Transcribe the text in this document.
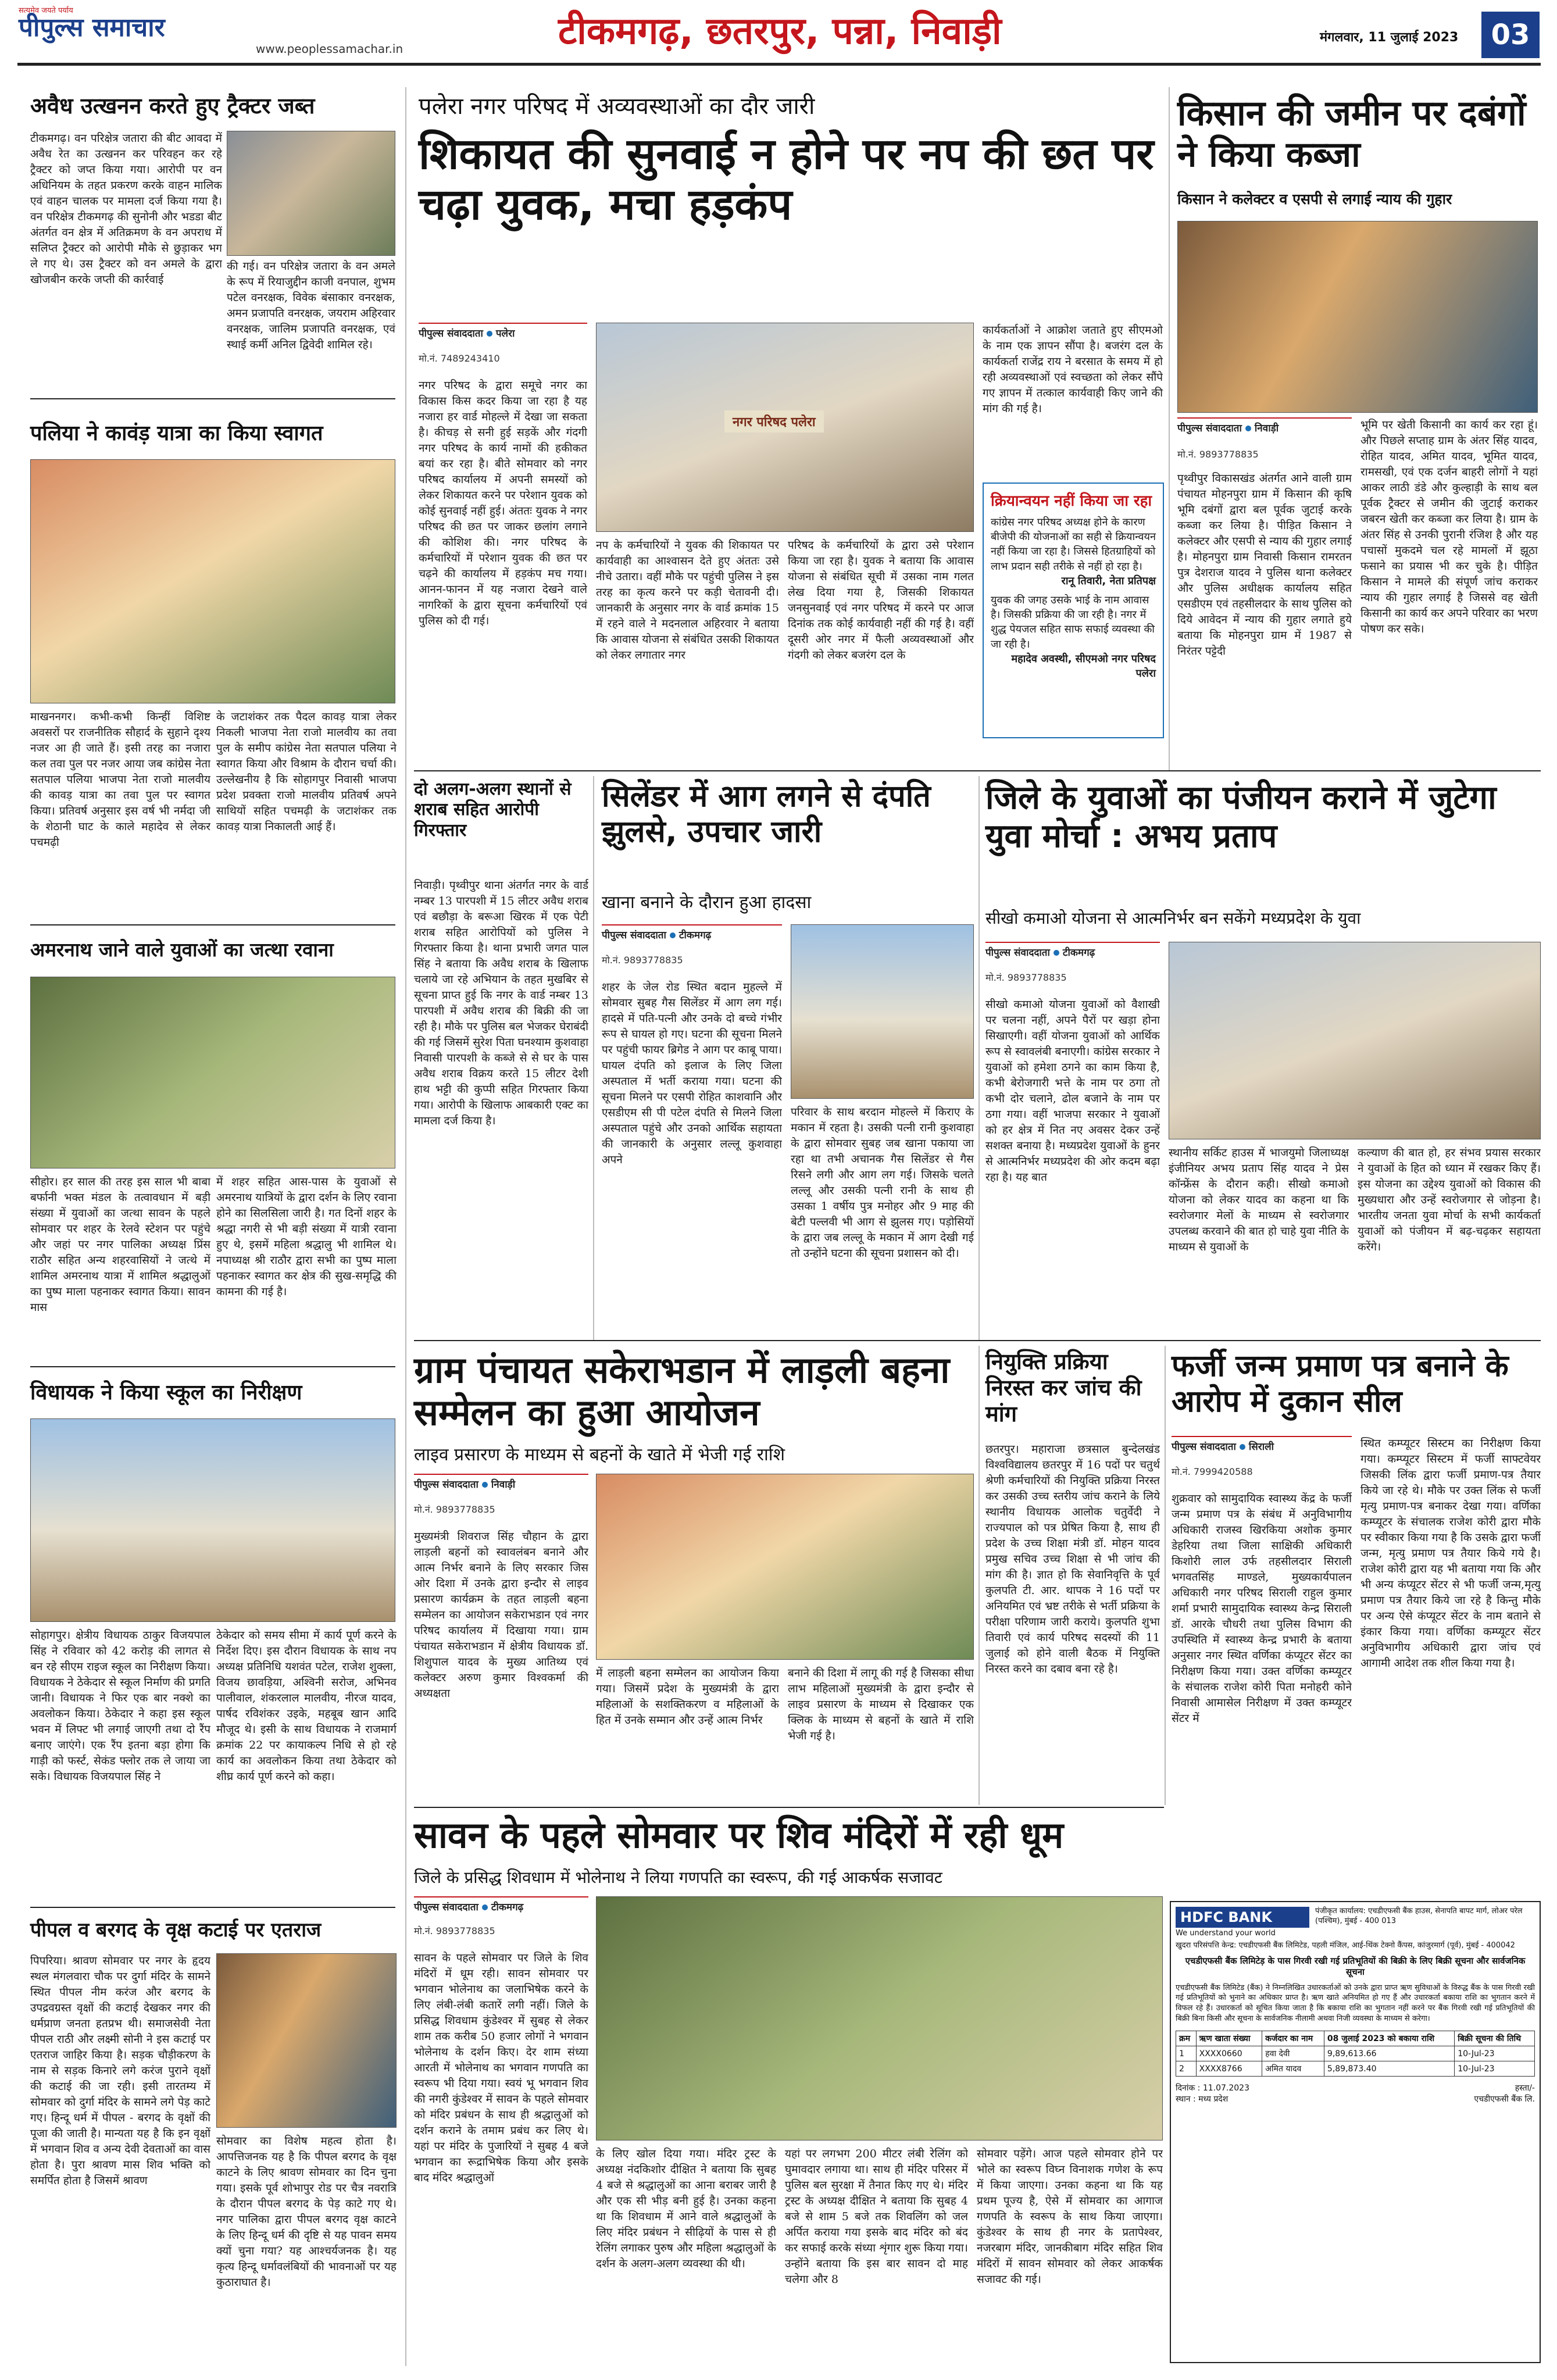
सत्यमेव जयते पर्याय
पीपुल्स समाचार
www.peoplessamachar.in	टीकमगढ़, छतरपुर, पन्ना, निवाड़ी	मंगलवार, 11 जुलाई 2023	03
अवैध उत्खनन करते हुए ट्रैक्टर जब्त
टीकमगढ़। वन परिक्षेत्र जतारा की बीट आवदा में अवैध रेत का उत्खनन कर परिवहन कर रहे ट्रैक्टर को जप्त किया गया। आरोपी पर वन अधिनियम के तहत प्रकरण करके वाहन मालिक एवं वाहन चालक पर मामला दर्ज किया गया है। वन परिक्षेत्र टीकमगढ़ की सुनोनी और भडडा बीट अंतर्गत वन क्षेत्र में अतिक्रमण के वन अपराध में सलिप्त ट्रैक्टर को आरोपी मौके से छुड़ाकर भग ले गए थे। उस ट्रैक्टर को वन अमले के द्वारा खोजबीन करके जप्ती की कार्रवाई
की गई। वन परिक्षेत्र जतारा के वन अमले के रूप में रियाजुद्दीन काजी वनपाल, शुभम पटेल वनरक्षक, विवेक बंसाकार वनरक्षक, अमन प्रजापति वनरक्षक, जयराम अहिरवार वनरक्षक, जालिम प्रजापति वनरक्षक, एवं स्थाई कर्मी अनिल द्विवेदी शामिल रहे।
पलिया ने कावंड़ यात्रा का किया स्वागत
माखननगर। कभी-कभी किन्हीं विशिष्ट अवसरों पर राजनीतिक सौहार्द के सुहाने दृश्य नजर आ ही जाते हैं। इसी तरह का नजारा कल तवा पुल पर नजर आया जब कांग्रेस नेता सतपाल पलिया भाजपा नेता राजो मालवीय की कावड़ यात्रा का तवा पुल पर स्वागत किया। प्रतिवर्ष अनुसार इस वर्ष भी नर्मदा जी के शेठानी घाट के काले महादेव से लेकर पचमढ़ी
के जटाशंकर तक पैदल कावड़ यात्रा लेकर निकली भाजपा नेता राजो मालवीय का तवा पुल के समीप कांग्रेस नेता सतपाल पलिया ने स्वागत किया और विश्राम के दौरान चर्चा की। उल्लेखनीय है कि सोहागपुर निवासी भाजपा प्रदेश प्रवक्ता राजो मालवीय प्रतिवर्ष अपने साथियों सहित पचमढ़ी के जटाशंकर तक कावड़ यात्रा निकालती आई हैं।
अमरनाथ जाने वाले युवाओं का जत्था रवाना
सीहोर। हर साल की तरह इस साल भी बाबा बर्फानी भक्त मंडल के तत्वावधान में बड़ी संख्या में युवाओं का जत्था सावन के पहले सोमवार पर शहर के रेलवे स्टेशन पर पहुंचे और जहां पर नगर पालिका अध्यक्ष प्रिंस राठौर सहित अन्य शहरवासियों ने जत्थे में शामिल अमरनाथ यात्रा में शामिल श्रद्धालुओं का पुष्प माला पहनाकर स्वागत किया। सावन मास
में शहर सहित आस-पास के युवाओं से अमरनाथ यात्रियों के द्वारा दर्शन के लिए रवाना होने का सिलसिला जारी है। गत दिनों शहर के श्रद्धा नगरी से भी बड़ी संख्या में यात्री रवाना हुए थे, इसमें महिला श्रद्धालु भी शामिल थे। नपाध्यक्ष श्री राठौर द्वारा सभी का पुष्प माला पहनाकर स्वागत कर क्षेत्र की सुख-समृद्धि की कामना की गई है।
विधायक ने किया स्कूल का निरीक्षण
सोहागपुर। क्षेत्रीय विधायक ठाकुर विजयपाल सिंह ने रविवार को 42 करोड़ की लागत से बन रहे सीएम राइज स्कूल का निरीक्षण किया। विधायक ने ठेकेदार से स्कूल निर्माण की प्रगति जानी। विधायक ने फिर एक बार नक्शे का अवलोकन किया। ठेकेदार ने कहा इस स्कूल भवन में लिफ्ट भी लगाई जाएगी तथा दो रैंप बनाए जाएंगे। एक रैंप इतना बड़ा होगा कि गाड़ी को फर्स्ट, सेकंड फ्लोर तक ले जाया जा सके। विधायक विजयपाल सिंह ने
ठेकेदार को समय सीमा में कार्य पूर्ण करने के निर्देश दिए। इस दौरान विधायक के साथ नप अध्यक्ष प्रतिनिधि यशवंत पटेल, राजेश शुक्ला, विजय छावड़िया, अश्विनी सरोज, अभिनव पालीवाल, शंकरलाल मालवीय, नीरज यादव, पार्षद रविशंकर उइके, महबूब खान आदि मौजूद थे। इसी के साथ विधायक ने राजमार्ग क्रमांक 22 पर कायाकल्प निधि से हो रहे कार्य का अवलोकन किया तथा ठेकेदार को शीघ्र कार्य पूर्ण करने को कहा।
पीपल व बरगद के वृक्ष कटाई पर एतराज
पिपरिया। श्रावण सोमवार पर नगर के हृदय स्थल मंगलवारा चौक पर दुर्गा मंदिर के सामने स्थित पीपल नीम करंज और बरगद के उपद्रवग्रस्त वृक्षों की कटाई देखकर नगर की धर्मप्राण जनता हतप्रभ थी। समाजसेवी नेता पीपल राठी और लक्ष्मी सोनी ने इस कटाई पर एतराज जाहिर किया है। सड़क चौड़ीकरण के नाम से सड़क किनारे लगे करंज पुराने वृक्षों की कटाई की जा रही। इसी तारतम्य में सोमवार को दुर्गा मंदिर के सामने लगे पेड़ काटे गए। हिन्दू धर्म में पीपल - बरगद के वृक्षों की पूजा की जाती है। मान्यता यह है कि इन वृक्षों में भगवान शिव व अन्य देवी देवताओं का वास होता है। पुरा श्रावण मास शिव भक्ति को समर्पित होता है जिसमें श्रावण
सोमवार का विशेष महत्व होता है। आपत्तिजनक यह है कि पीपल बरगद के वृक्ष काटने के लिए श्रावण सोमवार का दिन चुना गया। इसके पूर्व शोभापुर रोड पर चैत्र नवरात्रि के दौरान पीपल बरगद के पेड़ काटे गए थे। नगर पालिका द्वारा पीपल बरगद वृक्ष काटने के लिए हिन्दू धर्म की दृष्टि से यह पावन समय क्यों चुना गया? यह आश्चर्यजनक है। यह कृत्य हिन्दू धर्मावलंबियों की भावनाओं पर यह कुठाराघात है।
पलेरा नगर परिषद में अव्यवस्थाओं का दौर जारी
शिकायत की सुनवाई न होने पर नप की छत पर चढ़ा युवक, मचा हड़कंप
पीपुल्स संवाददाता पलेरा
मो.नं. 7489243410
नगर परिषद के द्वारा समूचे नगर का विकास किस कदर किया जा रहा है यह नजारा हर वार्ड मोहल्ले में देखा जा सकता है। कीचड़ से सनी हुई सड़कें और गंदगी नगर परिषद के कार्य नामों की हकीकत बयां कर रहा है। बीते सोमवार को नगर परिषद कार्यालय में अपनी समस्यों को लेकर शिकायत करने पर परेशान युवक को कोई सुनवाई नहीं हुई। अंततः युवक ने नगर परिषद की छत पर जाकर छलांग लगाने की कोशिश की। नगर परिषद के कर्मचारियों में परेशान युवक की छत पर चढ़ने की कार्यालय में हड़कंप मच गया। आनन-फानन में यह नजारा देखने वाले नागरिकों के द्वारा सूचना कर्मचारियों एवं पुलिस को दी गई।
नगर परिषद पलेरा
नप के कर्मचारियों ने युवक की शिकायत पर कार्यवाही का आश्वासन देते हुए अंततः उसे नीचे उतारा। वहीं मौके पर पहुंची पुलिस ने इस तरह का कृत्य करने पर कड़ी चेतावनी दी। जानकारी के अनुसार नगर के वार्ड क्रमांक 15 में रहने वाले ने मदनलाल अहिरवार ने बताया कि आवास योजना से संबंधित उसकी शिकायत को लेकर लगातार नगर
परिषद के कर्मचारियों के द्वारा उसे परेशान किया जा रहा है। युवक ने बताया कि आवास योजना से संबंधित सूची में उसका नाम गलत लेख दिया गया है, जिसकी शिकायत जनसुनवाई एवं नगर परिषद में करने पर आज दिनांक तक कोई कार्यवाही नहीं की गई है। वहीं दूसरी ओर नगर में फैली अव्यवस्थाओं और गंदगी को लेकर बजरंग दल के
कार्यकर्ताओं ने आक्रोश जताते हुए सीएमओ के नाम एक ज्ञापन सौंपा है। बजरंग दल के कार्यकर्ता राजेंद्र राय ने बरसात के समय में हो रही अव्यवस्थाओं एवं स्वच्छता को लेकर सौंपे गए ज्ञापन में तत्काल कार्यवाही किए जाने की मांग की गई है।
क्रियान्वयन नहीं किया जा रहा
कांग्रेस नगर परिषद अध्यक्ष होने के कारण बीजेपी की योजनाओं का सही से क्रियान्वयन नहीं किया जा रहा है। जिससे हितग्राहियों को लाभ प्रदान सही तरीके से नहीं हो रहा है।
रानू तिवारी, नेता प्रतिपक्ष
युवक की जगह उसके भाई के नाम आवास है। जिसकी प्रक्रिया की जा रही है। नगर में शुद्ध पेयजल सहित साफ सफाई व्यवस्था की जा रही है।
महादेव अवस्थी, सीएमओ नगर परिषद पलेरा
किसान की जमीन पर दबंगों ने किया कब्जा
किसान ने कलेक्टर व एसपी से लगाई न्याय की गुहार
पीपुल्स संवाददाता निवाड़ी
मो.नं. 9893778835
पृथ्वीपुर विकासखंड अंतर्गत आने वाली ग्राम पंचायत मोहनपुरा ग्राम में किसान की कृषि भूमि दबंगों द्वारा बल पूर्वक जुटाई करके कब्जा कर लिया है। पीड़ित किसान ने कलेक्टर और एसपी से न्याय की गुहार लगाई है। मोहनपुरा ग्राम निवासी किसान रामरतन पुत्र देशराज यादव ने पुलिस थाना कलेक्टर और पुलिस अधीक्षक कार्यालय सहित एसडीएम एवं तहसीलदार के साथ पुलिस को दिये आवेदन में न्याय की गुहार लगाते हुये बताया कि मोहनपुरा ग्राम में 1987 से निरंतर पट्टेदी
भूमि पर खेती किसानी का कार्य कर रहा हूं। और पिछले सप्ताह ग्राम के अंतर सिंह यादव, रोहित यादव, अमित यादव, भूमित यादव, रामसखी, एवं एक दर्जन बाहरी लोगों ने यहां आकर लाठी डंडे और कुल्हाड़ी के साथ बल पूर्वक ट्रैक्टर से जमीन की जुटाई कराकर जबरन खेती कर कब्जा कर लिया है। ग्राम के अंतर सिंह से उनकी पुरानी रंजिश है और यह पचासों मुकदमे चल रहे मामलों में झूठा फसाने का प्रयास भी कर चुके है। पीड़ित किसान ने मामले की संपूर्ण जांच कराकर न्याय की गुहार लगाई है जिससे वह खेती किसानी का कार्य कर अपने परिवार का भरण पोषण कर सके।
दो अलग-अलग स्थानों से शराब सहित आरोपी गिरफ्तार
निवाड़ी। पृथ्वीपुर थाना अंतर्गत नगर के वार्ड नम्बर 13 पारपशी में 15 लीटर अवैध शराब एवं बछौड़ा के बरूआ खिरक में एक पेटी शराब सहित आरोपियों को पुलिस ने गिरफ्तार किया है। थाना प्रभारी जगत पाल सिंह ने बताया कि अवैध शराब के खिलाफ चलाये जा रहे अभियान के तहत मुखबिर से सूचना प्राप्त हुई कि नगर के वार्ड नम्बर 13 पारपशी में अवैध शराब की बिक्री की जा रही है। मौके पर पुलिस बल भेजकर घेराबंदी की गई जिसमें सुरेश पिता घनश्याम कुशवाहा निवासी पारपशी के कब्जे से से घर के पास अवैध शराब विक्रय करते 15 लीटर देशी हाथ भट्टी की कुप्पी सहित गिरफ्तार किया गया। आरोपी के खिलाफ आबकारी एक्ट का मामला दर्ज किया है।
सिलेंडर में आग लगने से दंपति झुलसे, उपचार जारी
खाना बनाने के दौरान हुआ हादसा
पीपुल्स संवाददाता टीकमगढ़
मो.नं. 9893778835
शहर के जेल रोड स्थित बदान मुहल्ले में सोमवार सुबह गैस सिलेंडर में आग लग गई। हादसे में पति-पत्नी और उनके दो बच्चे गंभीर रूप से घायल हो गए। घटना की सूचना मिलने पर पहुंची फायर ब्रिगेड ने आग पर काबू पाया। घायल दंपति को इलाज के लिए जिला अस्पताल में भर्ती कराया गया। घटना की सूचना मिलने पर एसपी रोहित काशवानि और एसडीएम सी पी पटेल दंपति से मिलने जिला अस्पताल पहुंचे और उनको आर्थिक सहायता की जानकारी के अनुसार लल्लू कुशवाहा अपने
परिवार के साथ बरदान मोहल्ले में किराए के मकान में रहता है। उसकी पत्नी रानी कुशवाहा के द्वारा सोमवार सुबह जब खाना पकाया जा रहा था तभी अचानक गैस सिलेंडर से गैस रिसने लगी और आग लग गई। जिसके चलते लल्लू और उसकी पत्नी रानी के साथ ही उसका 1 वर्षीय पुत्र मनोहर और 9 माह की बेटी पल्लवी भी आग से झुलस गए। पड़ोसियों के द्वारा जब लल्लू के मकान में आग देखी गई तो उन्होंने घटना की सूचना प्रशासन को दी।
जिले के युवाओं का पंजीयन कराने में जुटेगा युवा मोर्चा : अभय प्रताप
सीखो कमाओ योजना से आत्मनिर्भर बन सकेंगे मध्यप्रदेश के युवा
पीपुल्स संवाददाता टीकमगढ़
मो.नं. 9893778835
सीखो कमाओ योजना युवाओं को वैशाखी पर चलना नहीं, अपने पैरों पर खड़ा होना सिखाएगी। वहीं योजना युवाओं को आर्थिक रूप से स्वावलंबी बनाएगी। कांग्रेस सरकार ने युवाओं को हमेशा ठगने का काम किया है, कभी बेरोजगारी भत्ते के नाम पर ठगा तो कभी दोर चलाने, ढोल बजाने के नाम पर ठगा गया। वहीं भाजपा सरकार ने युवाओं को हर क्षेत्र में नित नए अवसर देकर उन्हें सशक्त बनाया है। मध्यप्रदेश युवाओं के हुनर से आत्मनिर्भर मध्यप्रदेश की ओर कदम बढ़ा रहा है। यह बात
स्थानीय सर्किट हाउस में भाजयुमो जिलाध्यक्ष इंजीनियर अभय प्रताप सिंह यादव ने प्रेस कॉन्फ्रेंस के दौरान कही। सीखो कमाओ योजना को लेकर यादव का कहना था कि स्वरोजगार मेलों के माध्यम से स्वरोजगार उपलब्ध करवाने की बात हो चाहे युवा नीति के माध्यम से युवाओं के
कल्याण की बात हो, हर संभव प्रयास सरकार ने युवाओं के हित को ध्यान में रखकर किए हैं। इस योजना का उद्देश्य युवाओं को विकास की मुख्यधारा और उन्हें स्वरोजगार से जोड़ना है। भारतीय जनता युवा मोर्चा के सभी कार्यकर्ता युवाओं को पंजीयन में बढ़-चढ़कर सहायता करेंगे।
ग्राम पंचायत सकेराभडान में लाड़ली बहना सम्मेलन का हुआ आयोजन
लाइव प्रसारण के माध्यम से बहनों के खाते में भेजी गई राशि
पीपुल्स संवाददाता निवाड़ी
मो.नं. 9893778835
मुख्यमंत्री शिवराज सिंह चौहान के द्वारा लाड़ली बहनों को स्वावलंबन बनाने और आत्म निर्भर बनाने के लिए सरकार जिस ओर दिशा में उनके द्वारा इन्दौर से लाइव प्रसारण कार्यक्रम के तहत लाड़ली बहना सम्मेलन का आयोजन सकेराभडान एवं नगर परिषद कार्यालय में दिखाया गया। ग्राम पंचायत सकेराभडान में क्षेत्रीय विधायक डॉ. शिशुपाल यादव के मुख्य आतिथ्य एवं कलेक्टर अरुण कुमार विश्वकर्मा की अध्यक्षता
में लाड़ली बहना सम्मेलन का आयोजन किया गया। जिसमें प्रदेश के मुख्यमंत्री के द्वारा महिलाओं के सशक्तिकरण व महिलाओं के हित में उनके सम्मान और उन्हें आत्म निर्भर
बनाने की दिशा में लागू की गई है जिसका सीधा लाभ महिलाओं मुख्यमंत्री के द्वारा इन्दौर से लाइव प्रसारण के माध्यम से दिखाकर एक क्लिक के माध्यम से बहनों के खाते में राशि भेजी गई है।
नियुक्ति प्रक्रिया निरस्त कर जांच की मांग
छतरपुर। महाराजा छत्रसाल बुन्देलखंड विश्वविद्यालय छतरपुर में 16 पदों पर चतुर्थ श्रेणी कर्मचारियों की नियुक्ति प्रक्रिया निरस्त कर उसकी उच्च स्तरीय जांच कराने के लिये स्थानीय विधायक आलोक चतुर्वेदी ने राज्यपाल को पत्र प्रेषित किया है, साथ ही प्रदेश के उच्च शिक्षा मंत्री डॉ. मोहन यादव प्रमुख सचिव उच्च शिक्षा से भी जांच की मांग की है। ज्ञात हो कि सेवानिवृत्ति के पूर्व कुलपति टी. आर. थापक ने 16 पदों पर अनियमित एवं भ्रष्ट तरीके से भर्ती प्रक्रिया के परीक्षा परिणाम जारी कराये। कुलपति शुभा तिवारी एवं कार्य परिषद सदस्यों की 11 जुलाई को होने वाली बैठक में नियुक्ति निरस्त करने का दबाव बना रहे है।
फर्जी जन्म प्रमाण पत्र बनाने के आरोप में दुकान सील
पीपुल्स संवाददाता सिराली
मो.नं. 7999420588
शुक्रवार को सामुदायिक स्वास्थ्य केंद्र के फर्जी जन्म प्रमाण पत्र के संबंध में अनुविभागीय अधिकारी राजस्व खिरकिया अशोक कुमार डेहरिया तथा जिला साक्षिकी अधिकारी किशोरी लाल उर्फ तहसीलदार सिराली भगवतसिंह माण्डले, मुख्यकार्यपालन अधिकारी नगर परिषद सिराली राहुल कुमार शर्मा प्रभारी सामुदायिक स्वास्थ्य केन्द्र सिराली डॉ. आरके चौधरी तथा पुलिस विभाग की उपस्थिति में स्वास्थ्य केन्द्र प्रभारी के बताया अनुसार नगर स्थित वर्णिका कंप्यूटर सेंटर का निरीक्षण किया गया। उक्त वर्णिका कम्प्यूटर के संचालक राजेश कोरी पिता मनोहरी कोने निवासी आमासेल निरीक्षण में उक्त कम्प्यूटर सेंटर में
स्थित कम्प्यूटर सिस्टम का निरीक्षण किया गया। कम्प्यूटर सिस्टम में फर्जी साफ्टवेयर जिसकी लिंक द्वारा फर्जी प्रमाण-पत्र तैयार किये जा रहे थे। मौके पर उक्त लिंक से फर्जी मृत्यु प्रमाण-पत्र बनाकर देखा गया। वर्णिका कम्प्यूटर के संचालक राजेश कोरी द्वारा मौके पर स्वीकार किया गया है कि उसके द्वारा फर्जी जन्म, मृत्यु प्रमाण पत्र तैयार किये गये है। राजेश कोरी द्वारा यह भी बताया गया कि और भी अन्य कंप्यूटर सेंटर से भी फर्जी जन्म,मृत्यु प्रमाण पत्र तैयार किये जा रहे है किन्तु मौके पर अन्य ऐसे कंप्यूटर सेंटर के नाम बताने से इंकार किया गया। वर्णिका कम्प्यूटर सेंटर अनुविभागीय अधिकारी द्वारा जांच एवं आगामी आदेश तक शील किया गया है।
सावन के पहले सोमवार पर शिव मंदिरों में रही धूम
जिले के प्रसिद्ध शिवधाम में भोलेनाथ ने लिया गणपति का स्वरूप, की गई आकर्षक सजावट
पीपुल्स संवाददाता टीकमगढ़
मो.नं. 9893778835
सावन के पहले सोमवार पर जिले के शिव मंदिरों में धूम रही। सावन सोमवार पर भगवान भोलेनाथ का जलाभिषेक करने के लिए लंबी-लंबी कतारें लगी नहीं। जिले के प्रसिद्ध शिवधाम कुंडेश्वर में सुबह से लेकर शाम तक करीब 50 हजार लोगों ने भगवान भोलेनाथ के दर्शन किए। देर शाम संध्या आरती में भोलेनाथ का भगवान गणपति का स्वरूप भी दिया गया। स्वयं भू भगवान शिव की नगरी कुंडेश्वर में सावन के पहले सोमवार को मंदिर प्रबंधन के साथ ही श्रद्धालुओं को दर्शन कराने के तमाम प्रबंध कर लिए थे। यहां पर मंदिर के पुजारियों ने सुबह 4 बजे भगवान का रूद्राभिषेक किया और इसके बाद मंदिर श्रद्धालुओं
के लिए खोल दिया गया। मंदिर ट्रस्ट के अध्यक्ष नंदकिशोर दीक्षित ने बताया कि सुबह 4 बजे से श्रद्धालुओं का आना बराबर जारी है और एक सी भीड़ बनी हुई है। उनका कहना था कि शिवधाम में आने वाले श्रद्धालुओं के लिए मंदिर प्रबंधन ने सीढ़ियों के पास से ही रेलिंग लगाकर पुरुष और महिला श्रद्धालुओं के दर्शन के अलग-अलग व्यवस्था की थी।
यहां पर लगभग 200 मीटर लंबी रेलिंग को घुमावदार लगाया था। साथ ही मंदिर परिसर में पुलिस बल सुरक्षा में तैनात किए गए थे। मंदिर ट्रस्ट के अध्यक्ष दीक्षित ने बताया कि सुबह 4 बजे से शाम 5 बजे तक शिवलिंग को जल अर्पित कराया गया इसके बाद मंदिर को बंद कर सफाई करके संध्या शृंगार शुरू किया गया। उन्होंने बताया कि इस बार सावन दो माह चलेगा और 8
सोमवार पड़ेंगे। आज पहले सोमवार होने पर भोले का स्वरूप विघ्न विनाशक गणेश के रूप में किया जाएगा। उनका कहना था कि यह प्रथम पूज्य है, ऐसे में सोमवार का आगाज गणपति के स्वरूप के साथ किया जाएगा। कुंडेश्वर के साथ ही नगर के प्रतापेश्वर, नजरबाग मंदिर, जानकीबाग मंदिर सहित शिव मंदिरों में सावन सोमवार को लेकर आकर्षक सजावट की गई।
HDFC BANK
We understand your world
पंजीकृत कार्यालय: एचडीएफसी बैंक हाउस, सेनापति बापट मार्ग, लोअर परेल (पश्चिम), मुंबई - 400 013
खुदरा परिसंपत्ति केन्द्र: एचडीएफसी बैंक लिमिटेड, पहली मंजिल, आई-थिंक टेक्नो कैंपस, कांजुरमार्ग (पूर्व), मुंबई - 400042
एचडीएफसी बैंक लिमिटेड़ के पास गिरवी रखी गई प्रतिभूतियों की बिक्री के लिए बिक्री सूचना और सार्वजनिक सूचना
एचडीएफसी बैंक लिमिटेड (बैंक) ने निम्नलिखित उधारकर्ताओं को उनके द्वारा प्राप्त ऋण सुविधाओं के विरुद्ध बैंक के पास गिरवी रखी गई प्रतिभूतियों को भुनाने का अधिकार प्राप्त है। ऋण खाते अनियमित हो गए हैं और उधारकर्ता बकाया राशि का भुगतान करने में विफल रहे हैं। उधारकर्ता को सूचित किया जाता है कि बकाया राशि का भुगतान नहीं करने पर बैंक गिरवी रखी गई प्रतिभूतियों की बिक्री बिना किसी और सूचना के सार्वजनिक नीलामी अथवा निजी व्यवस्था के माध्यम से करेगा।
क्रम	ऋण खाता संख्या	कर्जदार का नाम	08 जुलाई 2023 को बकाया राशि	बिक्री सूचना की तिथि
1	XXXX0660	हवा देवी	9,89,613.66	10-Jul-23
2	XXXX8766	अमित यादव	5,89,873.40	10-Jul-23
दिनांक : 11.07.2023
स्थान : मध्य प्रदेश
हस्ता/-
एचडीएफसी बैंक लि.
